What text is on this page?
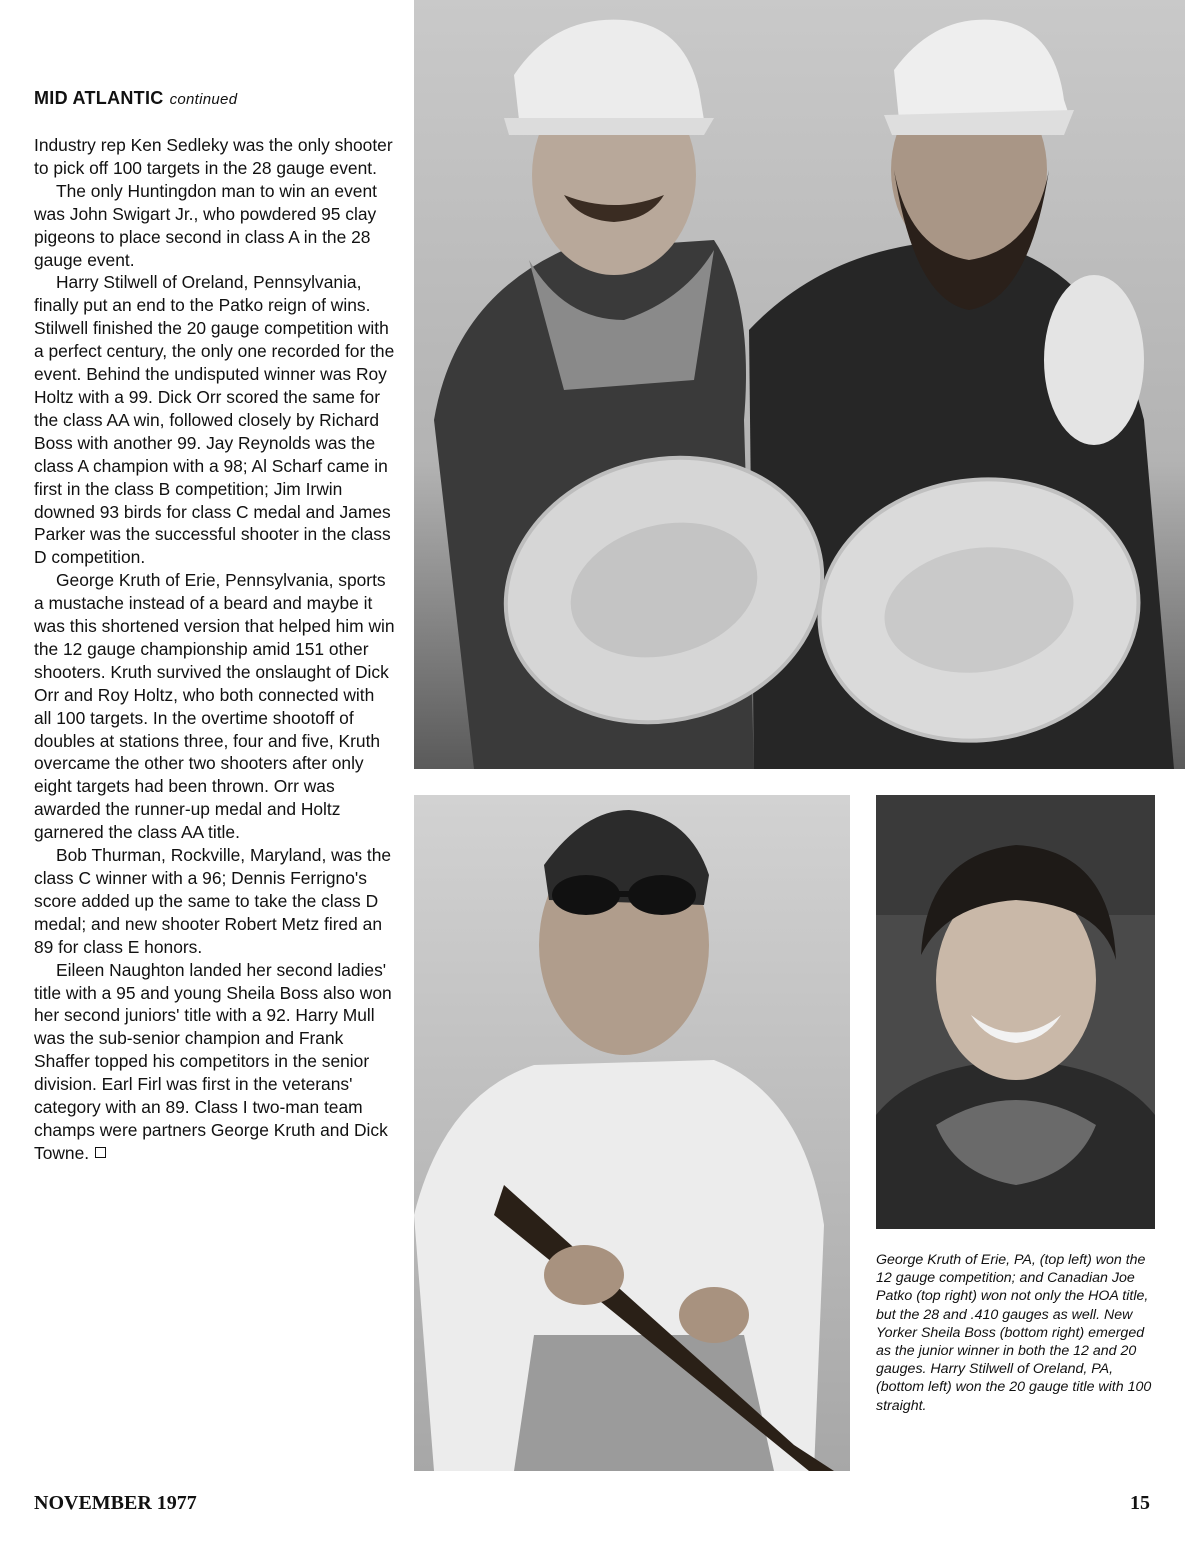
MID ATLANTIC continued

Industry rep Ken Sedleky was the only shooter to pick off 100 targets in the 28 gauge event.

The only Huntingdon man to win an event was John Swigart Jr., who powdered 95 clay pigeons to place second in class A in the 28 gauge event.

Harry Stilwell of Oreland, Pennsylvania, finally put an end to the Patko reign of wins. Stilwell finished the 20 gauge competition with a perfect century, the only one recorded for the event. Behind the undisputed winner was Roy Holtz with a 99. Dick Orr scored the same for the class AA win, followed closely by Richard Boss with another 99. Jay Reynolds was the class A champion with a 98; Al Scharf came in first in the class B competition; Jim Irwin downed 93 birds for class C medal and James Parker was the successful shooter in the class D competition.

George Kruth of Erie, Pennsylvania, sports a mustache instead of a beard and maybe it was this shortened version that helped him win the 12 gauge championship amid 151 other shooters. Kruth survived the onslaught of Dick Orr and Roy Holtz, who both connected with all 100 targets. In the overtime shootoff of doubles at stations three, four and five, Kruth overcame the other two shooters after only eight targets had been thrown. Orr was awarded the runner-up medal and Holtz garnered the class AA title.

Bob Thurman, Rockville, Maryland, was the class C winner with a 96; Dennis Ferrigno's score added up the same to take the class D medal; and new shooter Robert Metz fired an 89 for class E honors.

Eileen Naughton landed her second ladies' title with a 95 and young Sheila Boss also won her second juniors' title with a 92. Harry Mull was the sub-senior champion and Frank Shaffer topped his competitors in the senior division. Earl Firl was first in the veterans' category with an 89. Class I two-man team champs were partners George Kruth and Dick Towne.

George Kruth of Erie, PA, (top left) won the 12 gauge competition; and Canadian Joe Patko (top right) won not only the HOA title, but the 28 and .410 gauges as well. New Yorker Sheila Boss (bottom right) emerged as the junior winner in both the 12 and 20 gauges. Harry Stilwell of Oreland, PA, (bottom left) won the 20 gauge title with 100 straight.
NOVEMBER 1977	15
